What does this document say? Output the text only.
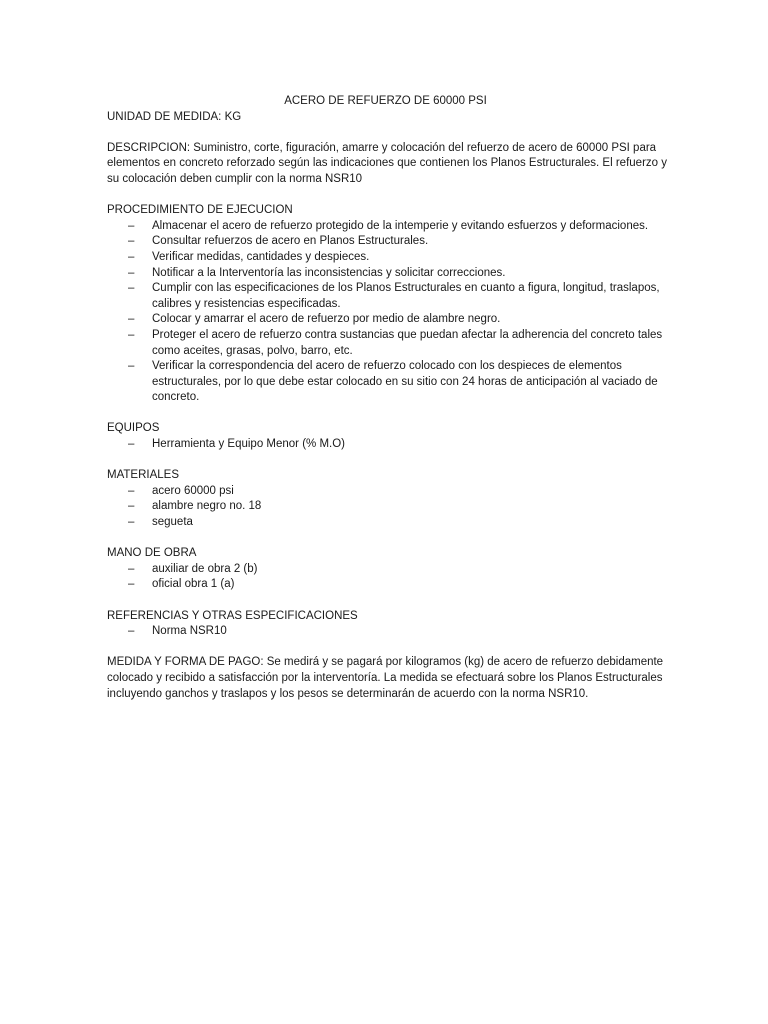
ACERO DE REFUERZO DE 60000 PSI

UNIDAD DE MEDIDA: KG

DESCRIPCION: Suministro, corte, figuración, amarre y colocación del refuerzo de acero de 60000 PSI para elementos en concreto reforzado según las indicaciones que contienen los Planos Estructurales. El refuerzo y su colocación deben cumplir con la norma NSR10

PROCEDIMIENTO DE EJECUCION

– Almacenar el acero de refuerzo protegido de la intemperie y evitando esfuerzos y deformaciones.
– Consultar refuerzos de acero en Planos Estructurales.
– Verificar medidas, cantidades y despieces.
– Notificar a la Interventoría las inconsistencias y solicitar correcciones.
– Cumplir con las especificaciones de los Planos Estructurales en cuanto a figura, longitud, traslapos, calibres y resistencias especificadas.
– Colocar y amarrar el acero de refuerzo por medio de alambre negro.
– Proteger el acero de refuerzo contra sustancias que puedan afectar la adherencia del concreto tales como aceites, grasas, polvo, barro, etc.
– Verificar la correspondencia del acero de refuerzo colocado con los despieces de elementos estructurales, por lo que debe estar colocado en su sitio con 24 horas de anticipación al vaciado de concreto.

EQUIPOS

– Herramienta y Equipo Menor (% M.O)

MATERIALES

– acero 60000 psi
– alambre negro no. 18
– segueta

MANO DE OBRA

– auxiliar de obra 2 (b)
– oficial obra 1 (a)

REFERENCIAS Y OTRAS ESPECIFICACIONES

– Norma NSR10

MEDIDA Y FORMA DE PAGO: Se medirá y se pagará por kilogramos (kg) de acero de refuerzo debidamente colocado y recibido a satisfacción por la interventoría. La medida se efectuará sobre los Planos Estructurales incluyendo ganchos y traslapos y los pesos se determinarán de acuerdo con la norma NSR10.
